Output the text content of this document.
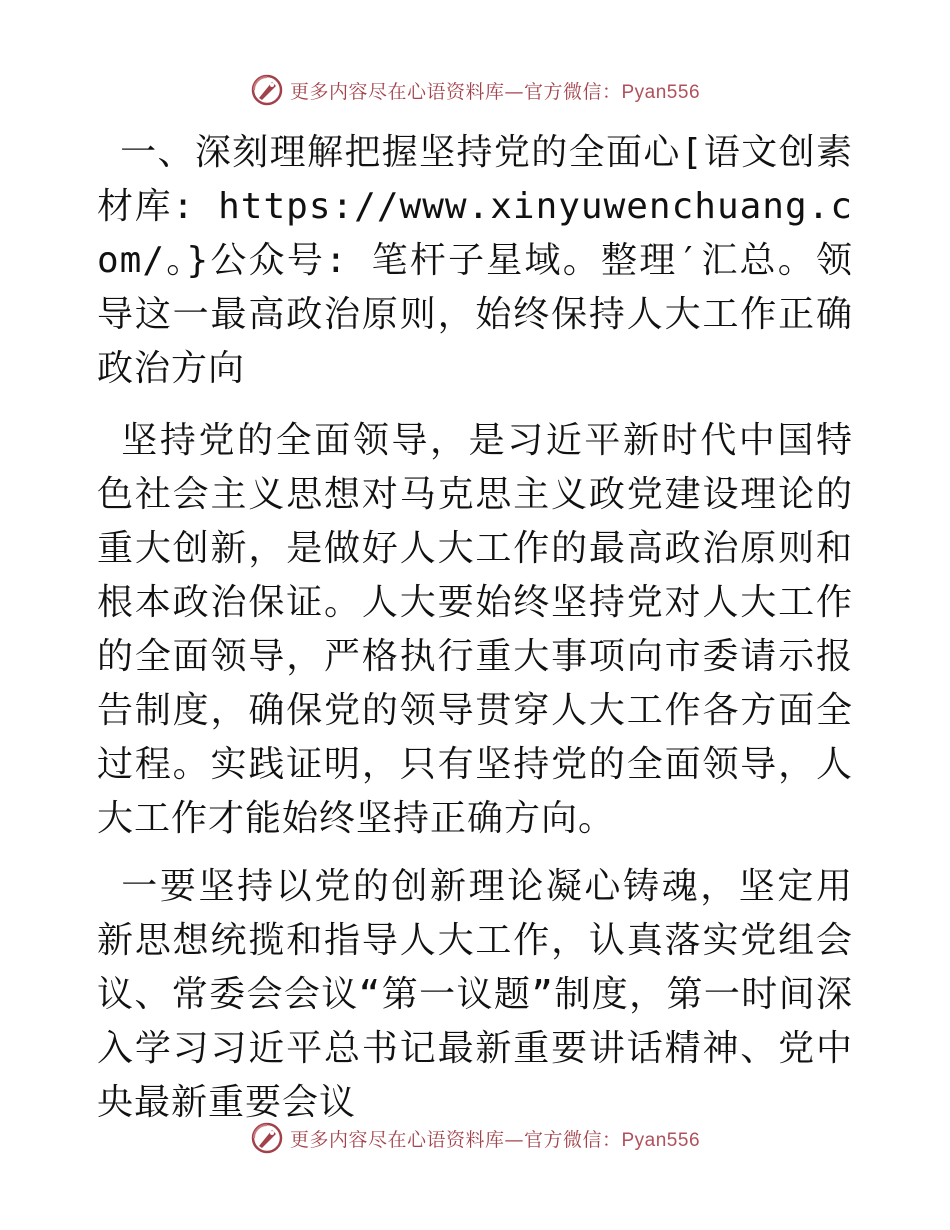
更多内容尽在心语资料库—官方微信：Pyan556

一、深刻理解把握坚持党的全面心[语文创素材库: https://www.xinyuwenchuang.com/。}公众号: 笔杆子星域。整理′汇总。领导这一最高政治原则，始终保持人大工作正确政治方向

坚持党的全面领导，是习近平新时代中国特色社会主义思想对马克思主义政党建设理论的重大创新，是做好人大工作的最高政治原则和根本政治保证。人大要始终坚持党对人大工作的全面领导，严格执行重大事项向市委请示报告制度，确保党的领导贯穿人大工作各方面全过程。实践证明，只有坚持党的全面领导，人大工作才能始终坚持正确方向。

一要坚持以党的创新理论凝心铸魂，坚定用新思想统揽和指导人大工作，认真落实党组会议、常委会会议“第一议题”制度，第一时间深入学习习近平总书记最新重要讲话精神、党中央最新重要会议

更多内容尽在心语资料库—官方微信：Pyan556
